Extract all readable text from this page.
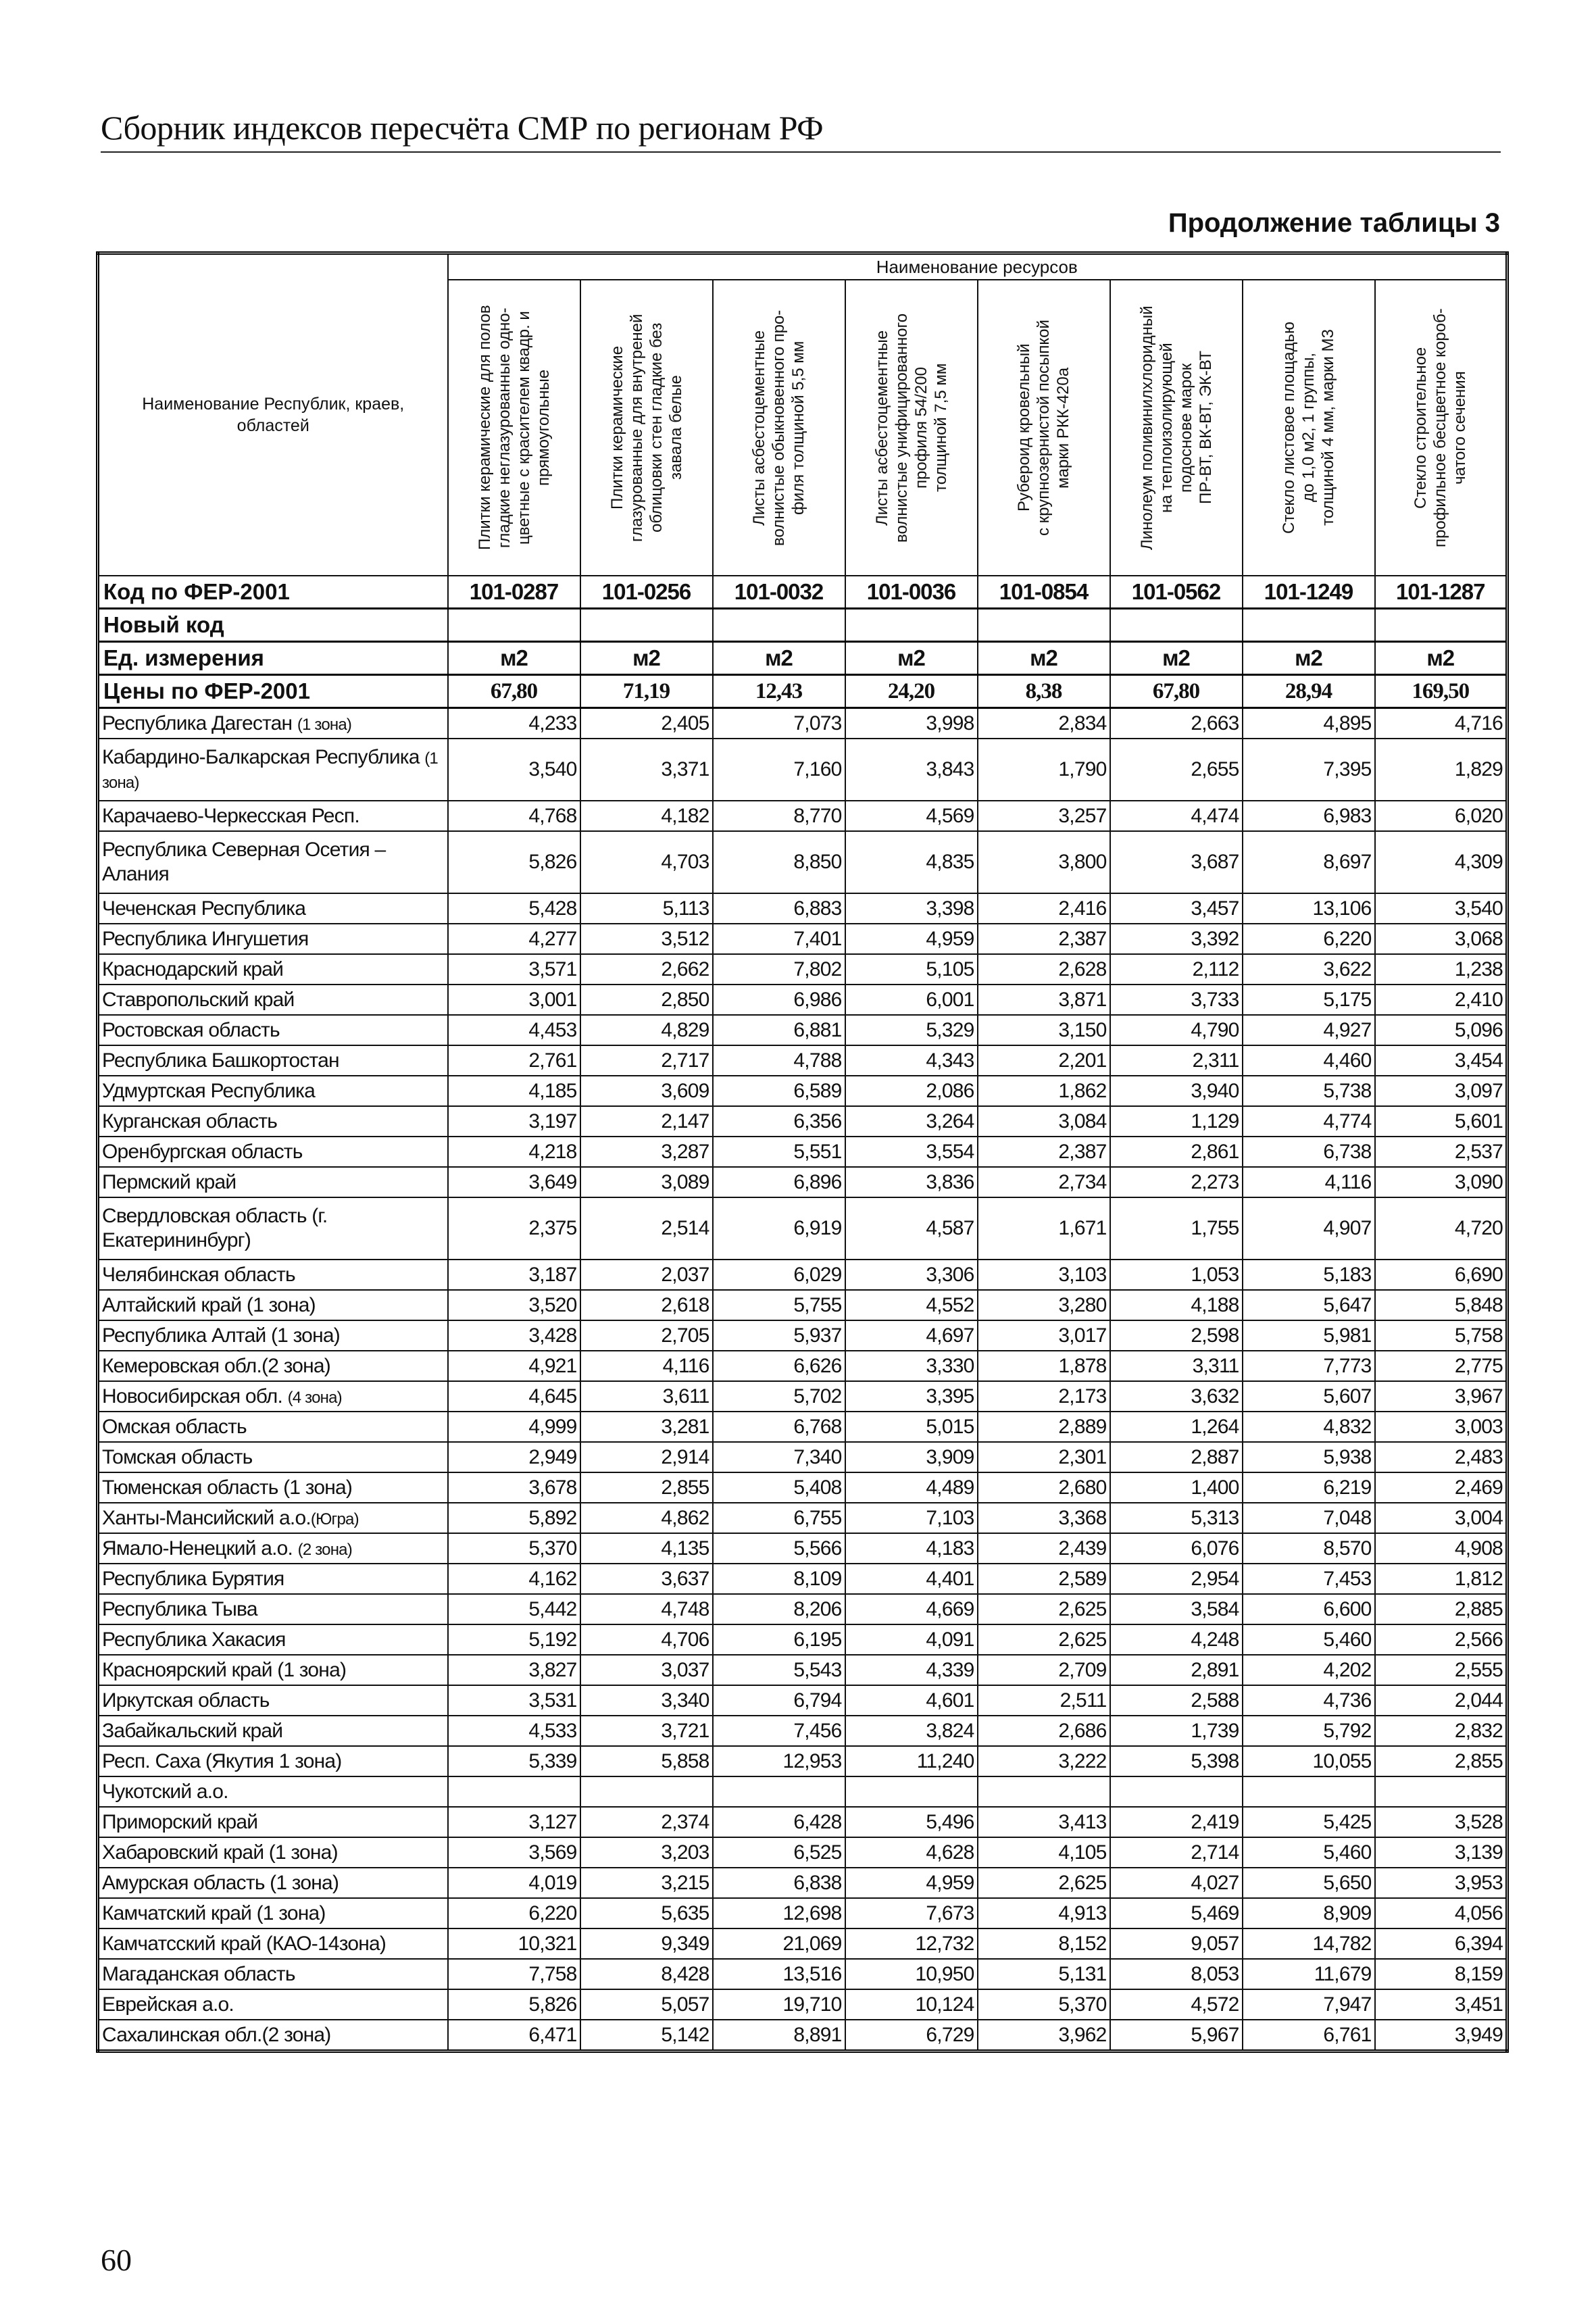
Сборник индексов пересчёта СМР по регионам РФ
Продолжение таблицы 3
Наименование Республик, краев, областей	Наименование ресурсов							

	Плитки керамические для полов
гладкие неглазурованные одно-
цветные с красителем квадр. и
прямоугольные	Плитки керамические
глазурованные для внутреней
облицовки стен гладкие без
завала белые	Листы асбестоцементные
волнистые обыкновенного про-
филя толщиной 5,5 мм	Листы асбестоцементные
волнистые унифицированного
профиля 54/200
толщиной 7,5 мм	Рубероид кровельный
с крупнозернистой посыпкой
марки РКК-420а	Линолеум поливинилхлоридный
на теплоизолирующей
подоснове марок
ПР-ВТ, ВК-ВТ, ЭК-ВТ	Стекло листовое площадью
до 1,0 м2, 1 группы,
толщиной 4 мм, марки М3	Стекло строительное
профильное бесцветное короб-
чатого сечения

Код по ФЕР-2001	101-0287	101-0256	101-0032	101-0036	101-0854	101-0562	101-1249	101-1287
Новый код								
Ед. измерения	м2	м2	м2	м2	м2	м2	м2	м2
Цены по ФЕР-2001	67,80	71,19	12,43	24,20	8,38	67,80	28,94	169,50
Республика Дагестан (1 зона)	4,233	2,405	7,073	3,998	2,834	2,663	4,895	4,716
Кабардино-Балкарская Республика (1 зона)	3,540	3,371	7,160	3,843	1,790	2,655	7,395	1,829
Карачаево-Черкесская Респ.	4,768	4,182	8,770	4,569	3,257	4,474	6,983	6,020
Республика Северная Осетия – Алания	5,826	4,703	8,850	4,835	3,800	3,687	8,697	4,309
Чеченская Республика	5,428	5,113	6,883	3,398	2,416	3,457	13,106	3,540
Республика Ингушетия	4,277	3,512	7,401	4,959	2,387	3,392	6,220	3,068
Краснодарский край	3,571	2,662	7,802	5,105	2,628	2,112	3,622	1,238
Ставропольский край	3,001	2,850	6,986	6,001	3,871	3,733	5,175	2,410
Ростовская область	4,453	4,829	6,881	5,329	3,150	4,790	4,927	5,096
Республика Башкортостан	2,761	2,717	4,788	4,343	2,201	2,311	4,460	3,454
Удмуртская Республика	4,185	3,609	6,589	2,086	1,862	3,940	5,738	3,097
Курганская область	3,197	2,147	6,356	3,264	3,084	1,129	4,774	5,601
Оренбургская область	4,218	3,287	5,551	3,554	2,387	2,861	6,738	2,537
Пермский край	3,649	3,089	6,896	3,836	2,734	2,273	4,116	3,090
Свердловская область (г. Екатерининбург)	2,375	2,514	6,919	4,587	1,671	1,755	4,907	4,720
Челябинская область	3,187	2,037	6,029	3,306	3,103	1,053	5,183	6,690
Алтайский край (1 зона)	3,520	2,618	5,755	4,552	3,280	4,188	5,647	5,848
Республика Алтай (1 зона)	3,428	2,705	5,937	4,697	3,017	2,598	5,981	5,758
Кемеровская обл.(2 зона)	4,921	4,116	6,626	3,330	1,878	3,311	7,773	2,775
Новосибирская обл. (4 зона)	4,645	3,611	5,702	3,395	2,173	3,632	5,607	3,967
Омская область	4,999	3,281	6,768	5,015	2,889	1,264	4,832	3,003
Томская область	2,949	2,914	7,340	3,909	2,301	2,887	5,938	2,483
Тюменская область (1 зона)	3,678	2,855	5,408	4,489	2,680	1,400	6,219	2,469
Ханты-Мансийский а.о.(Югра)	5,892	4,862	6,755	7,103	3,368	5,313	7,048	3,004
Ямало-Ненецкий а.о. (2 зона)	5,370	4,135	5,566	4,183	2,439	6,076	8,570	4,908
Республика Бурятия	4,162	3,637	8,109	4,401	2,589	2,954	7,453	1,812
Республика Тыва	5,442	4,748	8,206	4,669	2,625	3,584	6,600	2,885
Республика Хакасия	5,192	4,706	6,195	4,091	2,625	4,248	5,460	2,566
Красноярский край (1 зона)	3,827	3,037	5,543	4,339	2,709	2,891	4,202	2,555
Иркутская область	3,531	3,340	6,794	4,601	2,511	2,588	4,736	2,044
Забайкальский край	4,533	3,721	7,456	3,824	2,686	1,739	5,792	2,832
Респ. Саха (Якутия 1 зона)	5,339	5,858	12,953	11,240	3,222	5,398	10,055	2,855
Чукотский а.о.								
Приморский край	3,127	2,374	6,428	5,496	3,413	2,419	5,425	3,528
Хабаровский край (1 зона)	3,569	3,203	6,525	4,628	4,105	2,714	5,460	3,139
Амурская область (1 зона)	4,019	3,215	6,838	4,959	2,625	4,027	5,650	3,953
Камчатский край (1 зона)	6,220	5,635	12,698	7,673	4,913	5,469	8,909	4,056
Камчатсский край (КАО-14зона)	10,321	9,349	21,069	12,732	8,152	9,057	14,782	6,394
Магаданская область	7,758	8,428	13,516	10,950	5,131	8,053	11,679	8,159
Еврейская а.о.	5,826	5,057	19,710	10,124	5,370	4,572	7,947	3,451
Сахалинская обл.(2 зона)	6,471	5,142	8,891	6,729	3,962	5,967	6,761	3,949
60
